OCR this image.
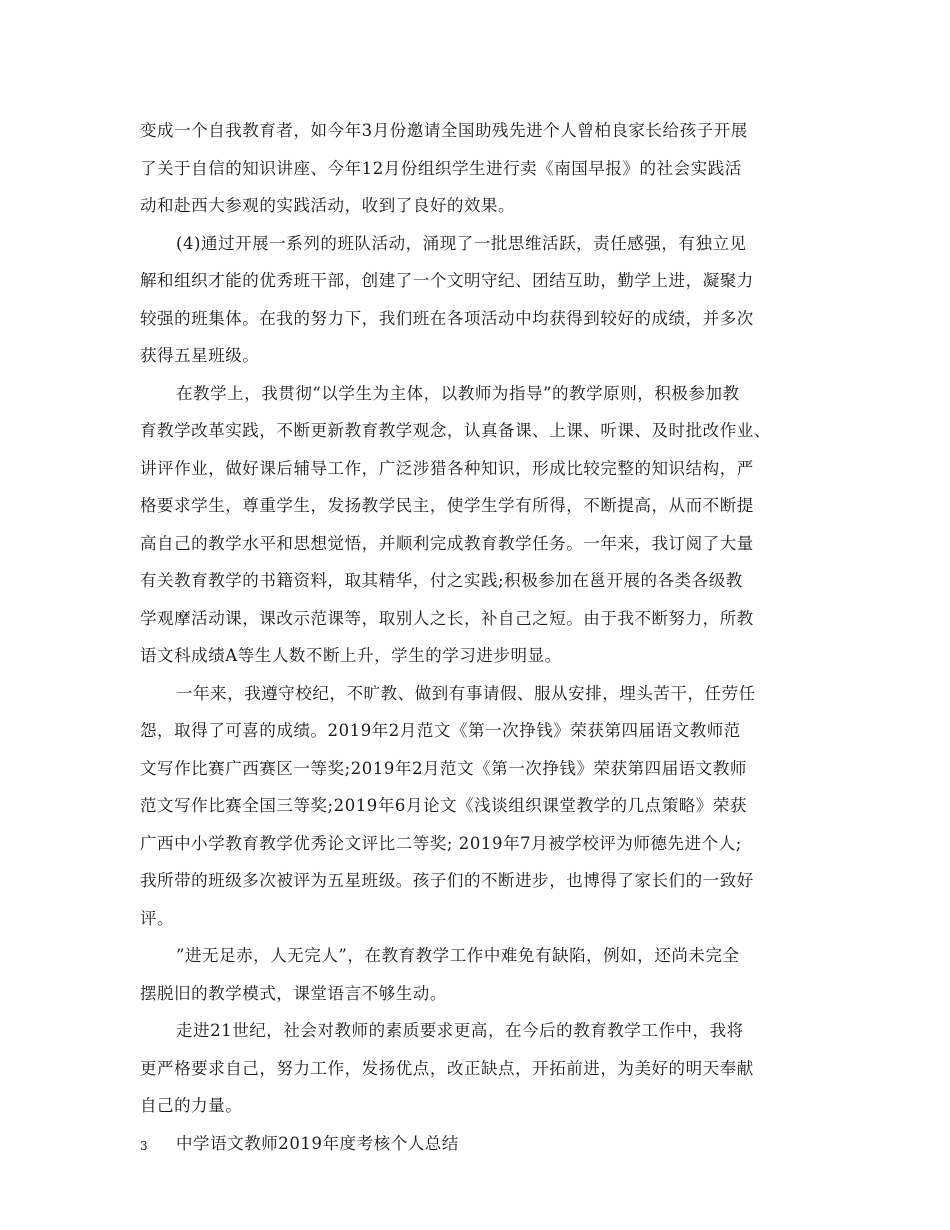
变成一个自我教育者，如今年3月份邀请全国助残先进个人曾柏良家长给孩子开展
了关于自信的知识讲座、今年12月份组织学生进行卖《南国早报》的社会实践活
动和赴西大参观的实践活动，收到了良好的效果。
(4)通过开展一系列的班队活动，涌现了一批思维活跃，责任感强，有独立见
解和组织才能的优秀班干部，创建了一个文明守纪、团结互助，勤学上进，凝聚力
较强的班集体。在我的努力下，我们班在各项活动中均获得到较好的成绩，并多次
获得五星班级。
在教学上，我贯彻“以学生为主体，以教师为指导”的教学原则，积极参加教
育教学改革实践，不断更新教育教学观念，认真备课、上课、听课、及时批改作业、
讲评作业，做好课后辅导工作，广泛涉猎各种知识，形成比较完整的知识结构，严
格要求学生，尊重学生，发扬教学民主，使学生学有所得，不断提高，从而不断提
高自己的教学水平和思想觉悟，并顺利完成教育教学任务。一年来，我订阅了大量
有关教育教学的书籍资料，取其精华，付之实践;积极参加在邕开展的各类各级教
学观摩活动课，课改示范课等，取别人之长，补自己之短。由于我不断努力，所教
语文科成绩A等生人数不断上升，学生的学习进步明显。
一年来，我遵守校纪，不旷教、做到有事请假、服从安排，埋头苦干，任劳任
怨，取得了可喜的成绩。2019年2月范文《第一次挣钱》荣获第四届语文教师范
文写作比赛广西赛区一等奖;2019年2月范文《第一次挣钱》荣获第四届语文教师
范文写作比赛全国三等奖;2019年6月论文《浅谈组织课堂教学的几点策略》荣获
广西中小学教育教学优秀论文评比二等奖; 2019年7月被学校评为师德先进个人;
我所带的班级多次被评为五星班级。孩子们的不断进步，也博得了家长们的一致好
评。
”进无足赤，人无完人”，在教育教学工作中难免有缺陷，例如，还尚未完全
摆脱旧的教学模式，课堂语言不够生动。
走进21世纪，社会对教师的素质要求更高，在今后的教育教学工作中，我将
更严格要求自己，努力工作，发扬优点，改正缺点，开拓前进，为美好的明天奉献
自己的力量。
中学语文教师2019年度考核个人总结
3
